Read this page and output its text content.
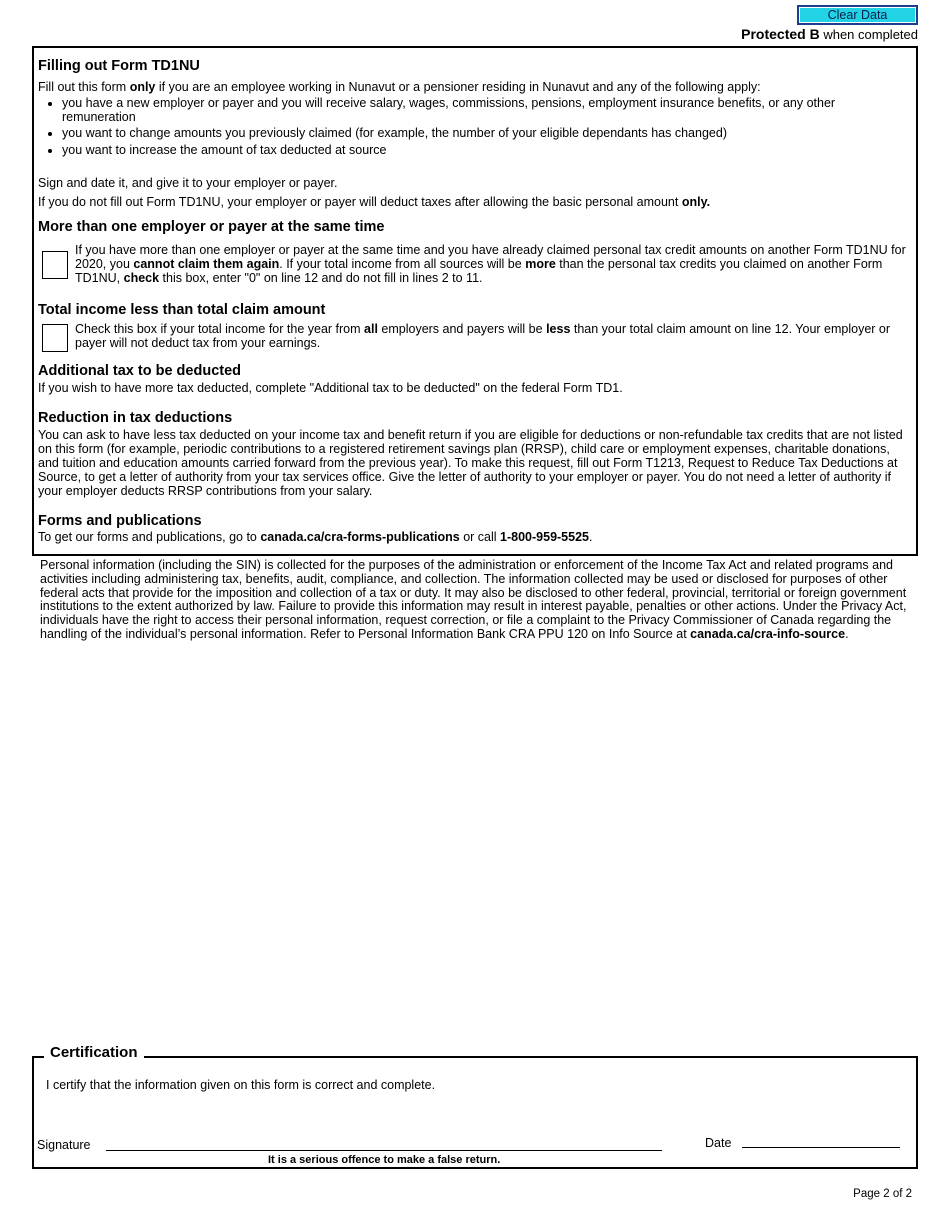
Clear Data
Protected B when completed
Filling out Form TD1NU

Fill out this form only if you are an employee working in Nunavut or a pensioner residing in Nunavut and any of the following apply:

• you have a new employer or payer and you will receive salary, wages, commissions, pensions, employment insurance benefits, or any other remuneration
• you want to change amounts you previously claimed (for example, the number of your eligible dependants has changed)
• you want to increase the amount of tax deducted at source

Sign and date it, and give it to your employer or payer.

If you do not fill out Form TD1NU, your employer or payer will deduct taxes after allowing the basic personal amount only.

More than one employer or payer at the same time

If you have more than one employer or payer at the same time and you have already claimed personal tax credit amounts on another Form TD1NU for 2020, you cannot claim them again. If your total income from all sources will be more than the personal tax credits you claimed on another Form TD1NU, check this box, enter "0" on line 12 and do not fill in lines 2 to 11.

Total income less than total claim amount

Check this box if your total income for the year from all employers and payers will be less than your total claim amount on line 12. Your employer or payer will not deduct tax from your earnings.

Additional tax to be deducted

If you wish to have more tax deducted, complete "Additional tax to be deducted" on the federal Form TD1.

Reduction in tax deductions

You can ask to have less tax deducted on your income tax and benefit return if you are eligible for deductions or non-refundable tax credits that are not listed on this form (for example, periodic contributions to a registered retirement savings plan (RRSP), child care or employment expenses, charitable donations, and tuition and education amounts carried forward from the previous year). To make this request, fill out Form T1213, Request to Reduce Tax Deductions at Source, to get a letter of authority from your tax services office. Give the letter of authority to your employer or payer. You do not need a letter of authority if your employer deducts RRSP contributions from your salary.

Forms and publications

To get our forms and publications, go to canada.ca/cra-forms-publications or call 1-800-959-5525.

Personal information (including the SIN) is collected for the purposes of the administration or enforcement of the Income Tax Act and related programs and activities including administering tax, benefits, audit, compliance, and collection. The information collected may be used or disclosed for purposes of other federal acts that provide for the imposition and collection of a tax or duty. It may also be disclosed to other federal, provincial, territorial or foreign government institutions to the extent authorized by law. Failure to provide this information may result in interest payable, penalties or other actions. Under the Privacy Act, individuals have the right to access their personal information, request correction, or file a complaint to the Privacy Commissioner of Canada regarding the handling of the individual’s personal information. Refer to Personal Information Bank CRA PPU 120 on Info Source at canada.ca/cra-info-source.

Certification

I certify that the information given on this form is correct and complete.

Signature
It is a serious offence to make a false return.
Date
Page 2 of 2
